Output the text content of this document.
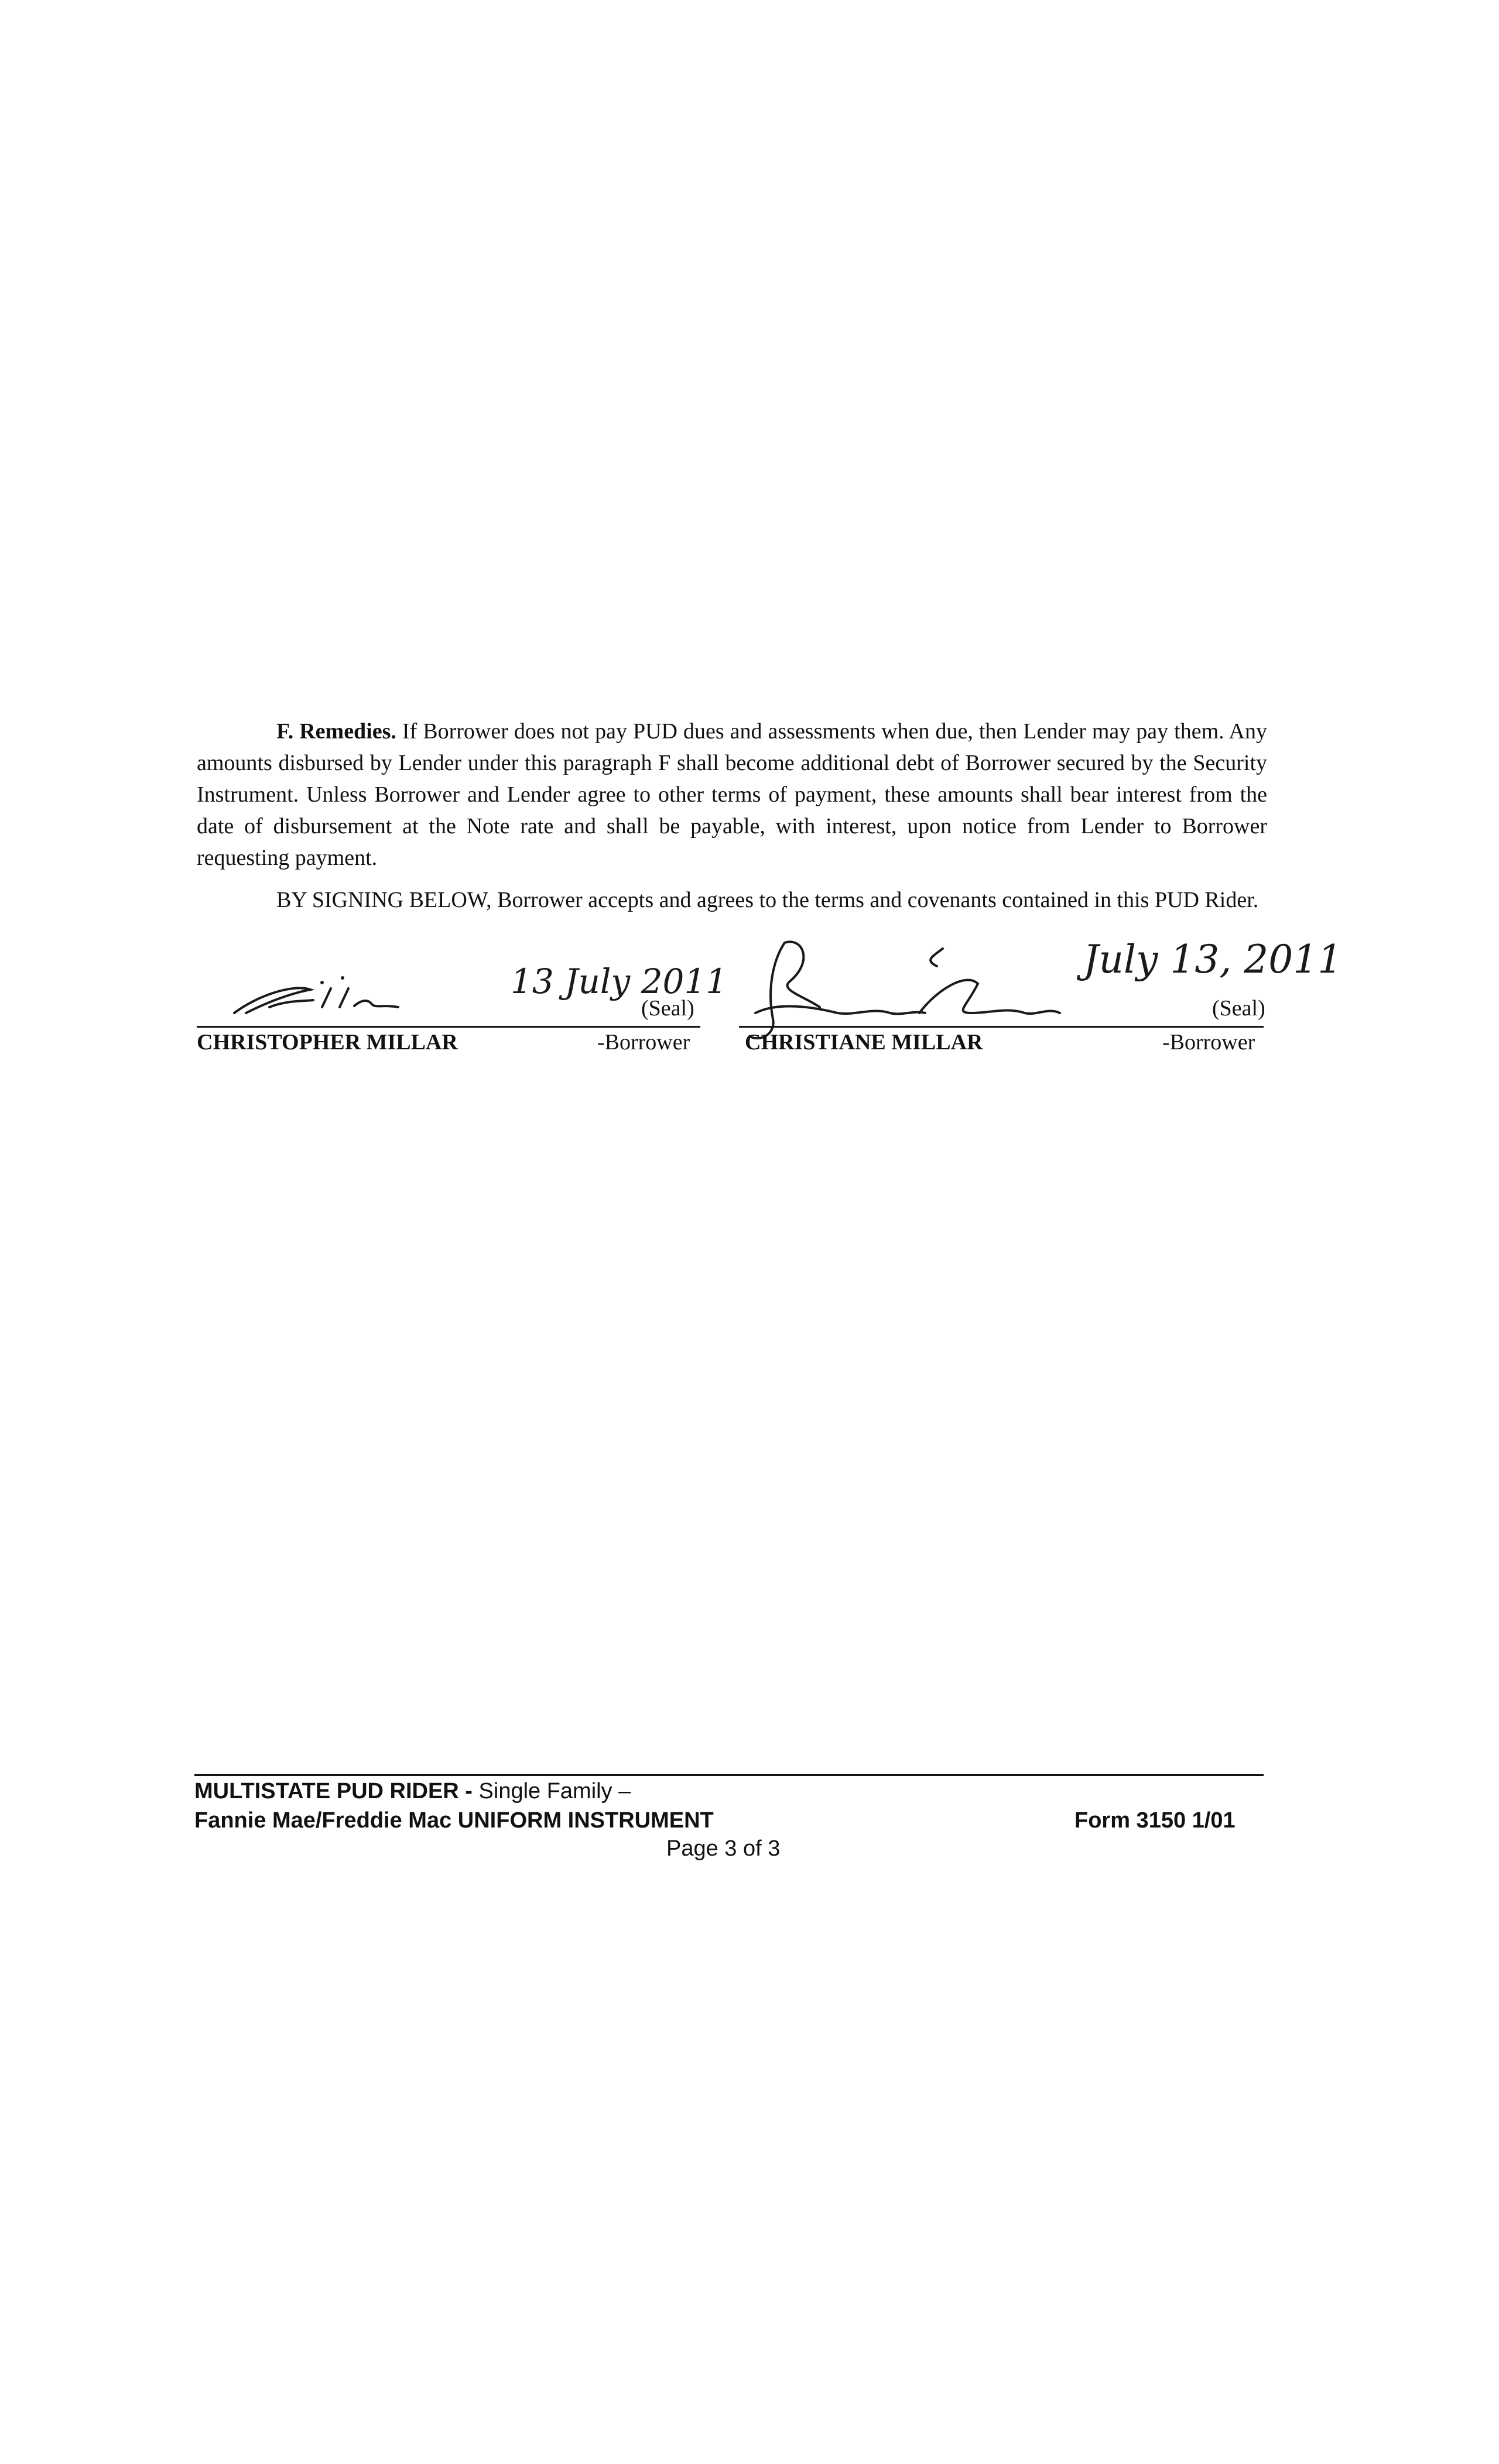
F. Remedies. If Borrower does not pay PUD dues and assessments when due, then Lender may pay them. Any amounts disbursed by Lender under this paragraph F shall become additional debt of Borrower secured by the Security Instrument. Unless Borrower and Lender agree to other terms of payment, these amounts shall bear interest from the date of disbursement at the Note rate and shall be payable, with interest, upon notice from Lender to Borrower requesting payment.

BY SIGNING BELOW, Borrower accepts and agrees to the terms and covenants contained in this PUD Rider.

13 July 2011
(Seal)
CHRISTOPHER MILLAR	-Borrower
July 13, 2011
(Seal)
CHRISTIANE MILLAR	-Borrower
MULTISTATE PUD RIDER - Single Family –
Fannie Mae/Freddie Mac UNIFORM INSTRUMENT	Form 3150 1/01
Page 3 of 3
